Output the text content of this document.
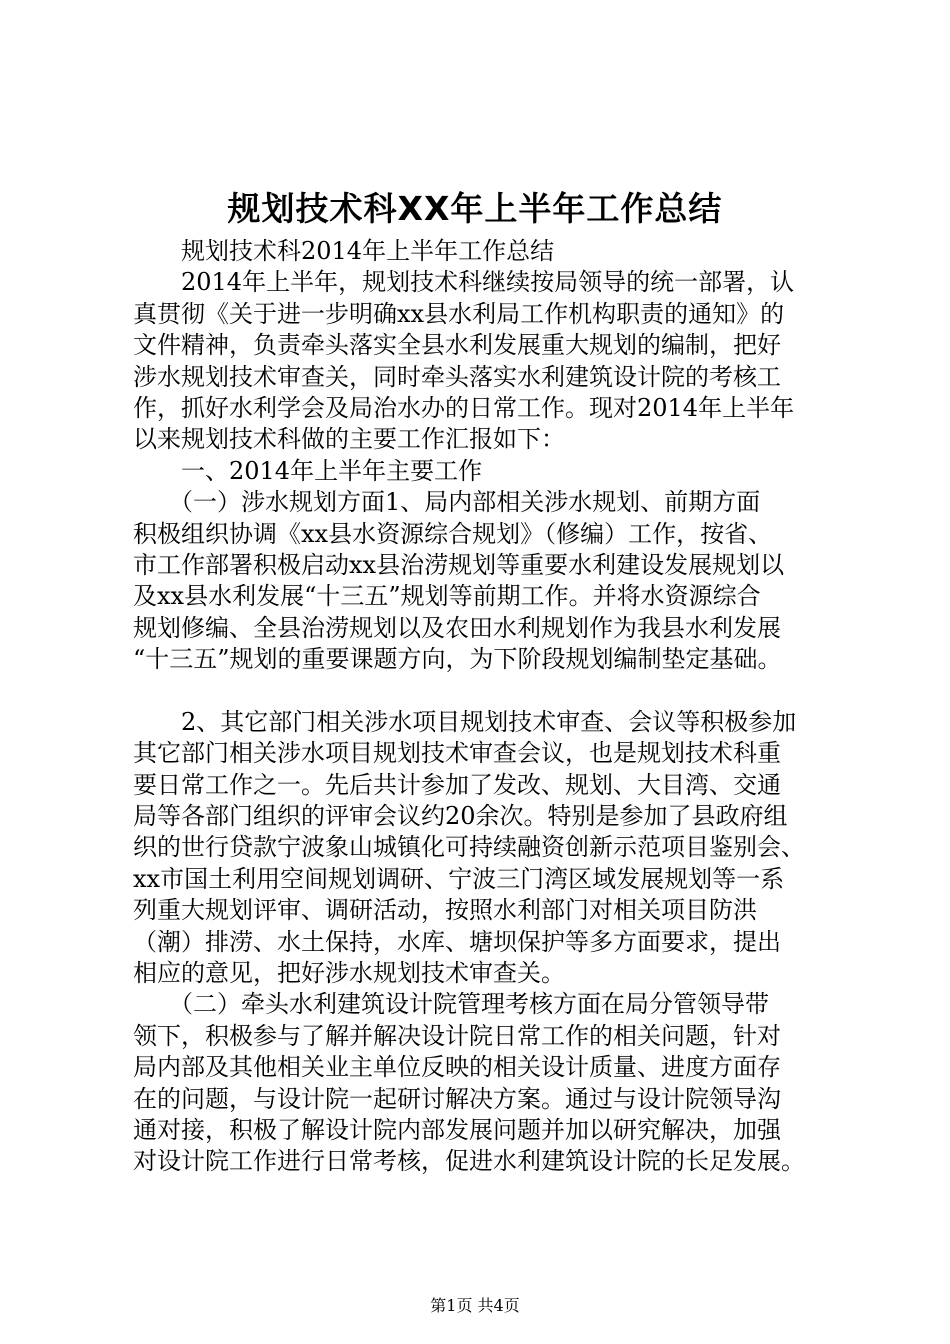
规划技术科XX年上半年工作总结
　　规划技术科2014年上半年工作总结
　　2014年上半年，规划技术科继续按局领导的统一部署，认
真贯彻《关于进一步明确xx县水利局工作机构职责的通知》的
文件精神，负责牵头落实全县水利发展重大规划的编制，把好
涉水规划技术审查关，同时牵头落实水利建筑设计院的考核工
作，抓好水利学会及局治水办的日常工作。现对2014年上半年
以来规划技术科做的主要工作汇报如下：
　　一、2014年上半年主要工作
　　（一）涉水规划方面1、局内部相关涉水规划、前期方面
积极组织协调《xx县水资源综合规划》（修编）工作，按省、
市工作部署积极启动xx县治涝规划等重要水利建设发展规划以
及xx县水利发展“十三五”规划等前期工作。并将水资源综合
规划修编、全县治涝规划以及农田水利规划作为我县水利发展
“十三五”规划的重要课题方向，为下阶段规划编制垫定基础。
　　2、其它部门相关涉水项目规划技术审查、会议等积极参加
其它部门相关涉水项目规划技术审查会议，也是规划技术科重
要日常工作之一。先后共计参加了发改、规划、大目湾、交通
局等各部门组织的评审会议约20余次。特别是参加了县政府组
织的世行贷款宁波象山城镇化可持续融资创新示范项目鉴别会、
xx市国土利用空间规划调研、宁波三门湾区域发展规划等一系
列重大规划评审、调研活动，按照水利部门对相关项目防洪
（潮）排涝、水土保持，水库、塘坝保护等多方面要求，提出
相应的意见，把好涉水规划技术审查关。
　　（二）牵头水利建筑设计院管理考核方面在局分管领导带
领下，积极参与了解并解决设计院日常工作的相关问题，针对
局内部及其他相关业主单位反映的相关设计质量、进度方面存
在的问题，与设计院一起研讨解决方案。通过与设计院领导沟
通对接，积极了解设计院内部发展问题并加以研究解决，加强
对设计院工作进行日常考核，促进水利建筑设计院的长足发展。
第1页 共4页
